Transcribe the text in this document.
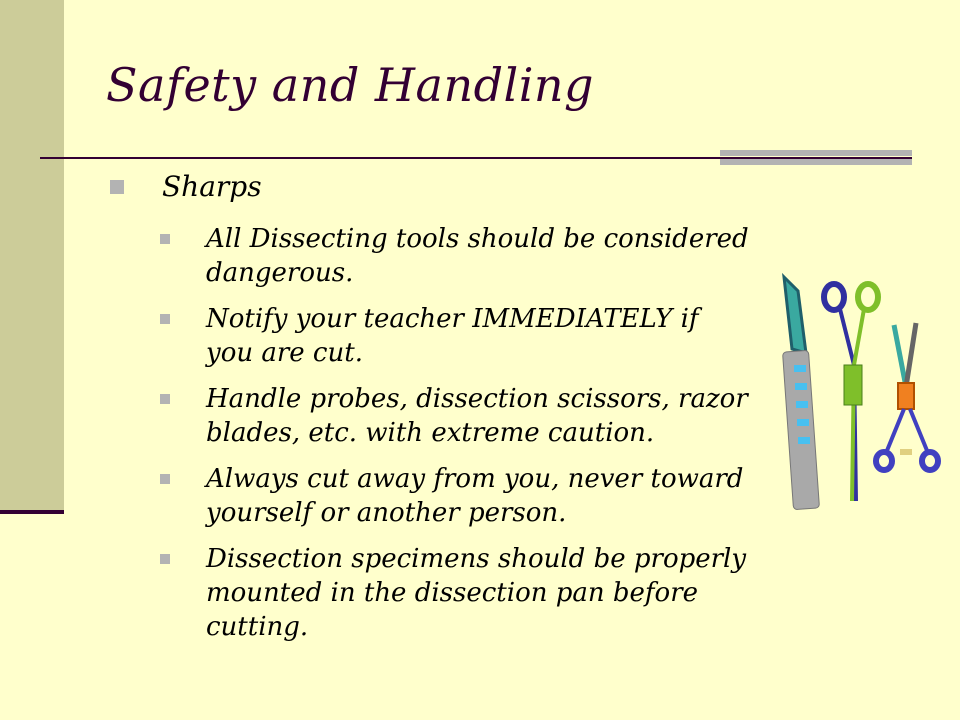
Safety and Handling
Sharps
All Dissecting tools should be considered dangerous.
Notify your teacher IMMEDIATELY if you are cut.
Handle probes, dissection scissors, razor blades, etc. with extreme caution.
Always cut away from you, never toward yourself or another person.
Dissection specimens should be properly mounted in the dissection pan before cutting.
